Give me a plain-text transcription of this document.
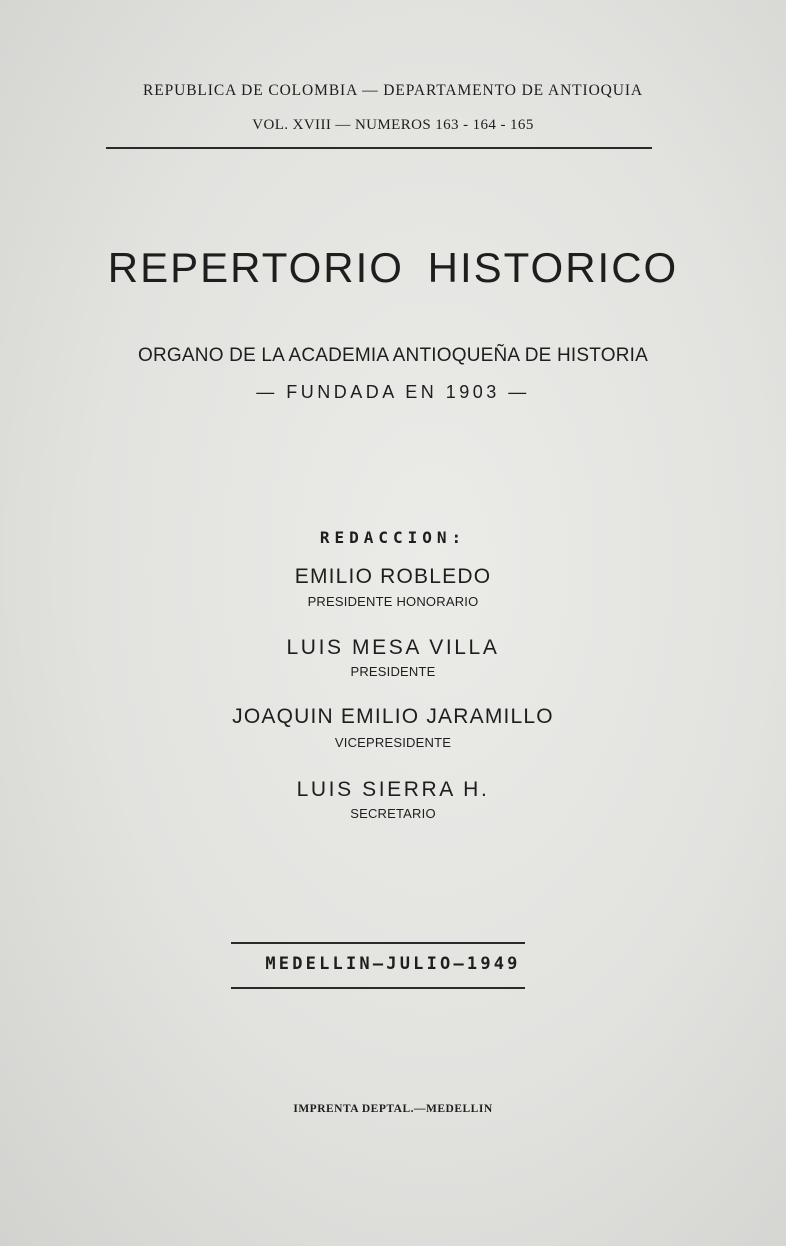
REPUBLICA DE COLOMBIA — DEPARTAMENTO DE ANTIOQUIA
VOL. XVIII — NUMEROS 163 - 164 - 165
REPERTORIO HISTORICO
ORGANO DE LA ACADEMIA ANTIOQUEÑA DE HISTORIA
— FUNDADA EN 1903 —
REDACCION:
EMILIO ROBLEDO
PRESIDENTE HONORARIO
LUIS MESA VILLA
PRESIDENTE
JOAQUIN EMILIO JARAMILLO
VICEPRESIDENTE
LUIS SIERRA H.
SECRETARIO
MEDELLIN—JULIO—1949
IMPRENTA DEPTAL.—MEDELLIN
